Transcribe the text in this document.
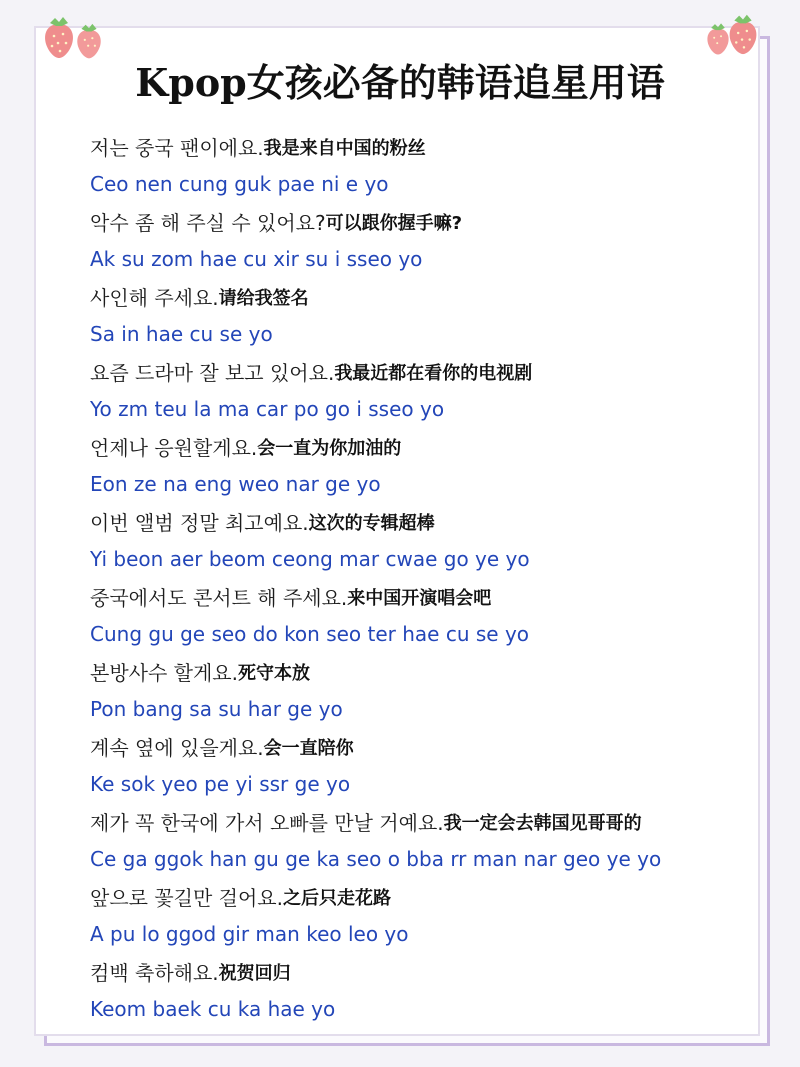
Kpop女孩必备的韩语追星用语
저는 중국 팬이에요. 我是来自中国的粉丝
Ceo nen cung guk pae ni e yo
악수 좀 해 주실 수 있어요? 可以跟你握手嘛?
Ak su zom hae cu xir su i sseo yo
사인해 주세요. 请给我签名
Sa in hae cu se yo
요즘 드라마 잘 보고 있어요. 我最近都在看你的电视剧
Yo zm teu la ma car po go i sseo yo
언제나 응원할게요. 会一直为你加油的
Eon ze na eng weo nar ge yo
이번 앨범 정말 최고예요. 这次的专辑超棒
Yi beon aer beom ceong mar cwae go ye yo
중국에서도 콘서트 해 주세요. 来中国开演唱会吧
Cung gu ge seo do kon seo ter hae cu se yo
본방사수 할게요. 死守本放
Pon bang sa su har ge yo
계속 옆에 있을게요. 会一直陪你
Ke sok yeo pe yi ssr ge yo
제가 꼭 한국에 가서 오빠를 만날 거예요. 我一定会去韩国见哥哥的
Ce ga ggok han gu ge ka seo o bba rr man nar geo ye yo
앞으로 꽃길만 걸어요. 之后只走花路
A pu lo ggod gir man keo leo yo
컴백 축하해요. 祝贺回归
Keom baek cu ka hae yo
